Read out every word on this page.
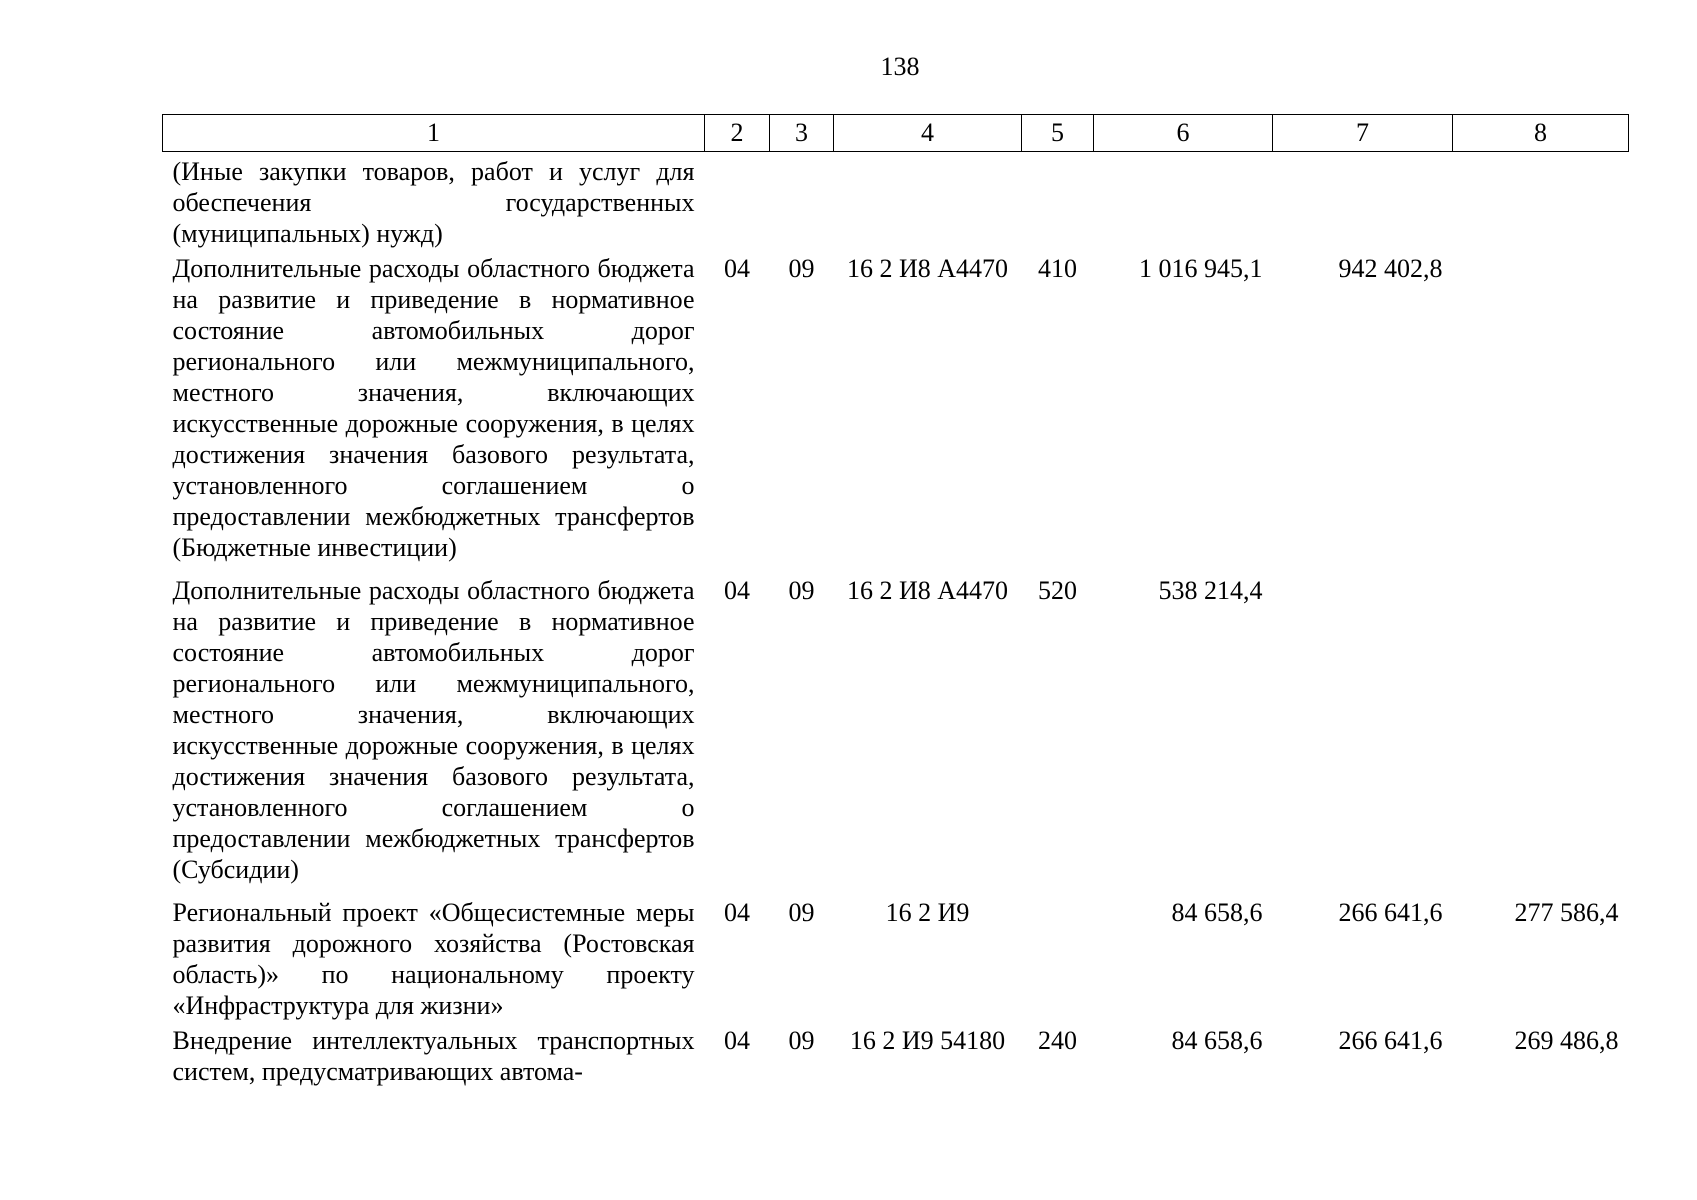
138
1	2	3	4	5	6	7	8
(Иные закупки товаров, работ и услуг для обеспечения государственных (муниципальных) нужд)							
Дополнительные расходы областного бюджета на развитие и приведение в нормативное состояние автомобильных дорог регионального или межмуниципального, местного значения, включающих искусственные дорожные сооружения, в целях достижения значения базового результата, установленного соглашением о предоставлении межбюджетных трансфертов (Бюджетные инвестиции)	04	09	16 2 И8 А4470	410	1 016 945,1	942 402,8	
Дополнительные расходы областного бюджета на развитие и приведение в нормативное состояние автомобильных дорог регионального или межмуниципального, местного значения, включающих искусственные дорожные сооружения, в целях достижения значения базового результата, установленного соглашением о предоставлении межбюджетных трансфертов (Субсидии)	04	09	16 2 И8 А4470	520	538 214,4		
Региональный проект «Общесистемные меры развития дорожного хозяйства (Ростовская область)» по национальному проекту «Инфраструктура для жизни»	04	09	16 2 И9		84 658,6	266 641,6	277 586,4
Внедрение интеллектуальных транспортных систем, предусматривающих автома-	04	09	16 2 И9 54180	240	84 658,6	266 641,6	269 486,8
